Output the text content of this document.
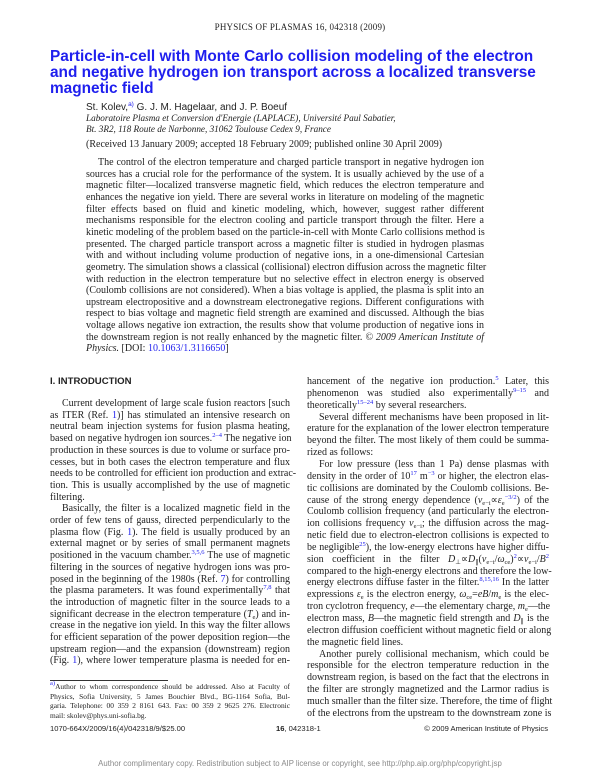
PHYSICS OF PLASMAS 16, 042318 (2009)
Particle-in-cell with Monte Carlo collision modeling of the electron
and negative hydrogen ion transport across a localized transverse
magnetic field
St. Kolev,$^{a)}$ G. J. M. Hagelaar, and J. P. Boeuf
Laboratoire Plasma et Conversion d'Energie (LAPLACE), Université Paul Sabatier,
Bt. 3R2, 118 Route de Narbonne, 31062 Toulouse Cedex 9, France
(Received 13 January 2009; accepted 18 February 2009; published online 30 April 2009)
The control of the electron temperature and charged particle transport in negative hydrogen ion
sources has a crucial role for the performance of the system. It is usually achieved by the use of a
magnetic filter—localized transverse magnetic field, which reduces the electron temperature and
enhances the negative ion yield. There are several works in literature on modeling of the magnetic
filter effects based on fluid and kinetic modeling, which, however, suggest rather different
mechanisms responsible for the electron cooling and particle transport through the filter. Here a
kinetic modeling of the problem based on the particle-in-cell with Monte Carlo collisions method is
presented. The charged particle transport across a magnetic filter is studied in hydrogen plasmas
with and without including volume production of negative ions, in a one-dimensional Cartesian
geometry. The simulation shows a classical (collisional) electron diffusion across the magnetic filter
with reduction in the electron temperature but no selective effect in electron energy is observed
(Coulomb collisions are not considered). When a bias voltage is applied, the plasma is split into an
upstream electropositive and a downstream electronegative regions. Different configurations with
respect to bias voltage and magnetic field strength are examined and discussed. Although the bias
voltage allows negative ion extraction, the results show that volume production of negative ions in
the downstream region is not really enhanced by the magnetic filter. © 2009 American Institute of
Physics. [DOI: 10.1063/1.3116650]
I. INTRODUCTION
Current development of large scale fusion reactors [such
as ITER (Ref. 1)] has stimulated an intensive research on
neutral beam injection systems for fusion plasma heating,
based on negative hydrogen ion sources.$^{2-4}$ The negative ion
production in these sources is due to volume or surface pro-
cesses, but in both cases the electron temperature and flux
needs to be controlled for efficient ion production and extrac-
tion. This is usually accomplished by the use of magnetic
filtering.
Basically, the filter is a localized magnetic field in the
order of few tens of gauss, directed perpendicularly to the
plasma flow (Fig. 1). The field is usually produced by an
external magnet or by series of small permanent magnets
positioned in the vacuum chamber.$^{3,5,6}$ The use of magnetic
filtering in the sources of negative hydrogen ions was pro-
posed in the beginning of the 1980s (Ref. 7) for controlling
the plasma parameters. It was found experimentally$^{7,8}$ that
the introduction of magnetic filter in the source leads to a
significant decrease in the electron temperature $(T_e)$ and in-
crease in the negative ion yield. In this way the filter allows
for efficient separation of the power deposition region—the
upstream region—and the expansion (downstream) region
(Fig. 1), where lower temperature plasma is needed for en-
hancement of the negative ion production.$^5$ Later, this
phenomenon was studied also experimentally$^{9-15}$ and
theoretically$^{15-24}$ by several researchers.
Several different mechanisms have been proposed in lit-
erature for the explanation of the lower electron temperature
beyond the filter. The most likely of them could be summa-
rized as follows:
For low pressure (less than 1 Pa) dense plasmas with
density in the order of $10^{17}$ $m^{-3}$ or higher, the electron elas-
tic collisions are dominated by the Coulomb collisions. Be-
cause of the strong energy dependence $(\nu_{e-i}\propto\varepsilon_e^{-3/2})$ of the
Coulomb collision frequency (and particularly the electron-
ion collisions frequency $\nu_{e-i}$; the diffusion across the mag-
netic field due to electron-electron collisions is expected to
be negligible$^{25}$), the low-energy electrons have higher diffu-
sion coefficient in the filter $D_\perp\propto D_\parallel(\nu_{e-i}/\omega_{ce})^2\propto\nu_{e-i}/B^2$
compared to the high-energy electrons and therefore the low-
energy electrons diffuse faster in the filter.$^{8,15,16}$ In the latter
expressions $\varepsilon_e$ is the electron energy, $\omega_{ce}=eB/m_e$ is the elec-
tron cyclotron frequency, e—the elementary charge, $m_e—the$
electron mass, B—the magnetic field strength and $D_\parallel$ is the
electron diffusion coefficient without magnetic field or along
the magnetic field lines.
Another purely collisional mechanism, which could be
responsible for the electron temperature reduction in the
downstream region, is based on the fact that the electrons in
the filter are strongly magnetized and the Larmor radius is
much smaller than the filter size. Therefore, the time of flight
of the electrons from the upstream to the downstream zone is
$^{a)}$Author to whom correspondence should be addressed. Also at Faculty of
Physics, Sofia University, 5 James Bouchier Blvd., BG-1164 Sofia, Bul-
garia. Telephone: 00 359 2 8161 643. Fax: 00 359 2 9625 276. Electronic
mail: skolev@phys.uni-sofia.bg.
1070-664X/2009/16(4)/042318/9/$25.00	16, 042318-1	© 2009 American Institute of Physics
Author complimentary copy. Redistribution subject to AIP license or copyright, see http://php.aip.org/php/copyright.jsp
